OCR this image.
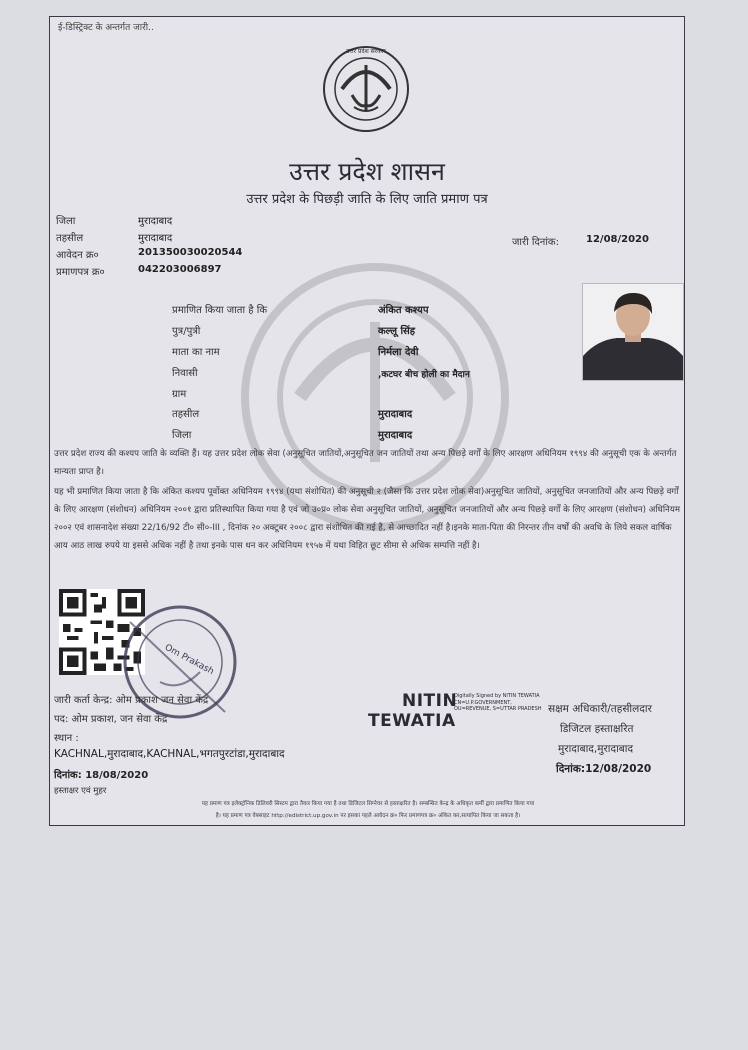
ई-डिस्ट्रिक्ट के अन्तर्गत जारी..
उत्तर प्रदेश सरकार
उत्तर प्रदेश शासन
उत्तर प्रदेश के पिछड़ी जाति के लिए जाति प्रमाण पत्र
जिला	मुरादाबाद
तहसील	मुरादाबाद
आवेदन क्र०	201350030020544
प्रमाणपत्र क्र०	042203006897
जारी दिनांक:	12/08/2020
प्रमाणित किया जाता है कि	अंकित कश्यप
पुत्र/पुत्री	कल्लू सिंह
माता का नाम	निर्मला देवी
निवासी	,कटघर बीच होली का मैदान
ग्राम
तहसील	मुरादाबाद
जिला	मुरादाबाद
उत्तर प्रदेश राज्य की कश्यप जाति के व्यक्ति हैं। यह उत्तर प्रदेश लोक सेवा (अनुसूचित जातियों,अनुसूचित जन जातियों तथा अन्य पिछड़े वर्गों के लिए आरक्षण अधिनियम १९९४ की अनुसूची एक के अन्तर्गत मान्यता प्राप्त है।
यह भी प्रमाणित किया जाता है कि अंकित कश्यप पूर्वोक्त अधिनियम १९९४ (यथा संशोधित) की अनुसूची २ (जैसा कि उत्तर प्रदेश लोक सेवा)अनुसूचित जातियों, अनुसूचित जनजातियों और अन्य पिछड़े वर्गों के लिए आरक्षण (संशोधन) अधिनियम २००१ द्वारा प्रतिस्थापित किया गया है एवं जो उ०प्र० लोक सेवा अनुसूचित जातियों, अनुसूचित जनजातियों और अन्य पिछड़े वर्गों के लिए आरक्षण (संशोधन) अधिनियम २००२ एवं शासनादेश संख्या 22/16/92 टी० सी०-III , दिनांक २० अक्टूबर २००८ द्वारा संशोधित की गई है, से आच्छादित नहीं है।इनके माता-पिता की निरन्तर तीन वर्षों की अवधि के लिये सकल वार्षिक आय आठ लाख रुपये या इससे अधिक नहीं है तथा इनके पास धन कर अधिनियम १९५७ में यथा विहित छूट सीमा से अधिक सम्पत्ति नहीं है।
Om Prakash
जारी कर्ता केन्द्र: ओम प्रकाश जन सेवा केंद्र
पद: ओम प्रकाश, जन सेवा केंद्र
स्थान :
KACHNAL,मुरादाबाद,KACHNAL,भगतपुरटांडा,मुरादाबाद
दिनांक: 18/08/2020
हस्ताक्षर एवं मुहर
NITIN
TEWATIA
Digitally Signed by NITIN TEWATIA CN=U.P.GOVERNMENT, OU=REVENUE, S=UTTAR PRADESH सक्षम अधिकारी/तहसीलदार
डिजिटल हस्ताक्षरित
मुरादाबाद,मुरादाबाद
दिनांक:12/08/2020
यह प्रमाण पत्र इलेक्ट्रॉनिक डिलिवरी सिस्टम द्वारा तैयार किया गया है तथा डिजिटल सिग्नेचर से हस्ताक्षरित है। सम्बन्धित केन्द्र के अधिकृत कर्मी द्वारा प्रमाणित किया गया
है। यह प्रमाण पत्र वेबसाइट http://edistrict.up.gov.in पर इसका पहले आवेदन क्र० फिर प्रमाणपत्र क्र० अंकित कर,सत्यापित किया जा सकता है।
